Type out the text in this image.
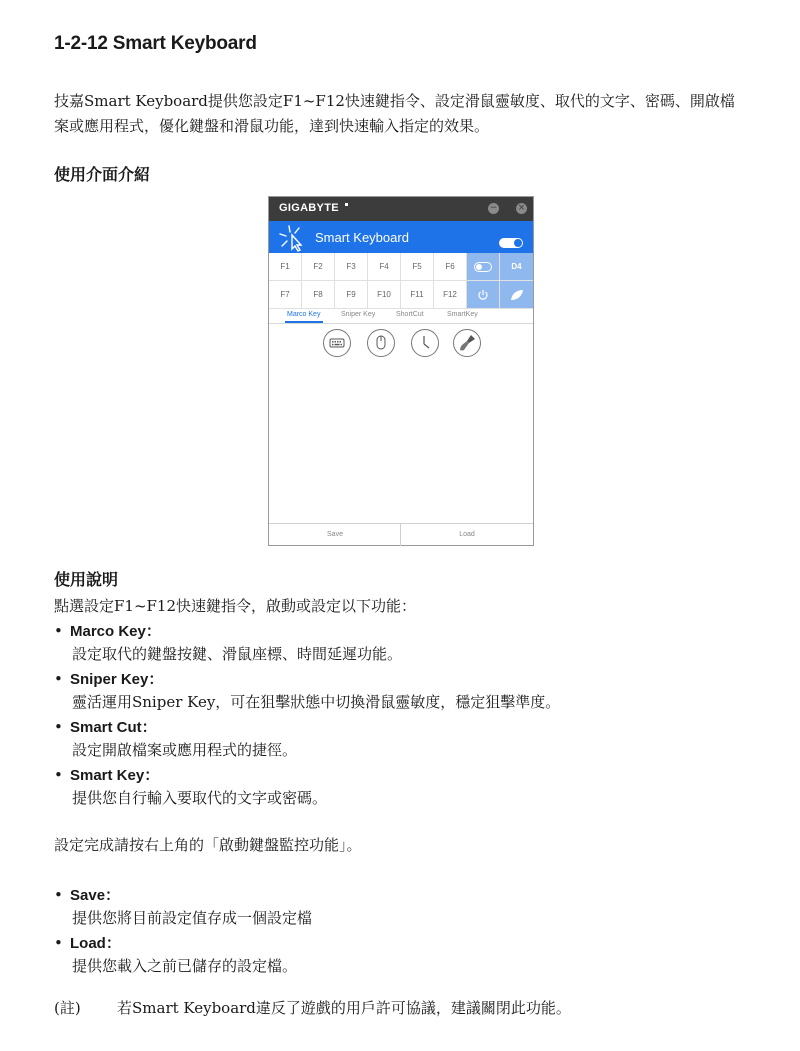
1-2-12 Smart Keyboard
技嘉Smart Keyboard提供您設定F1~F12快速鍵指令、設定滑鼠靈敏度、取代的文字、密碼、開啟檔
案或應用程式，優化鍵盤和滑鼠功能，達到快速輸入指定的效果。
使用介面介紹
GIGABYTE	− ×
Smart Keyboard
F1	F2	F3	F4	F5	F6	D4
F7	F8	F9	F10	F11	F12
Marco Key	Sniper Key	ShortCut	SmartKey
Save	Load
使用說明
點選設定F1~F12快速鍵指令，啟動或設定以下功能：
• Marco Key：
設定取代的鍵盤按鍵、滑鼠座標、時間延遲功能。
• Sniper Key：
靈活運用Sniper Key，可在狙擊狀態中切換滑鼠靈敏度，穩定狙擊準度。
• Smart Cut：
設定開啟檔案或應用程式的捷徑。
• Smart Key：
提供您自行輸入要取代的文字或密碼。
設定完成請按右上角的「啟動鍵盤監控功能」。
• Save：
提供您將目前設定值存成一個設定檔
• Load：
提供您載入之前已儲存的設定檔。
(註) 若Smart Keyboard違反了遊戲的用戶許可協議，建議關閉此功能。
